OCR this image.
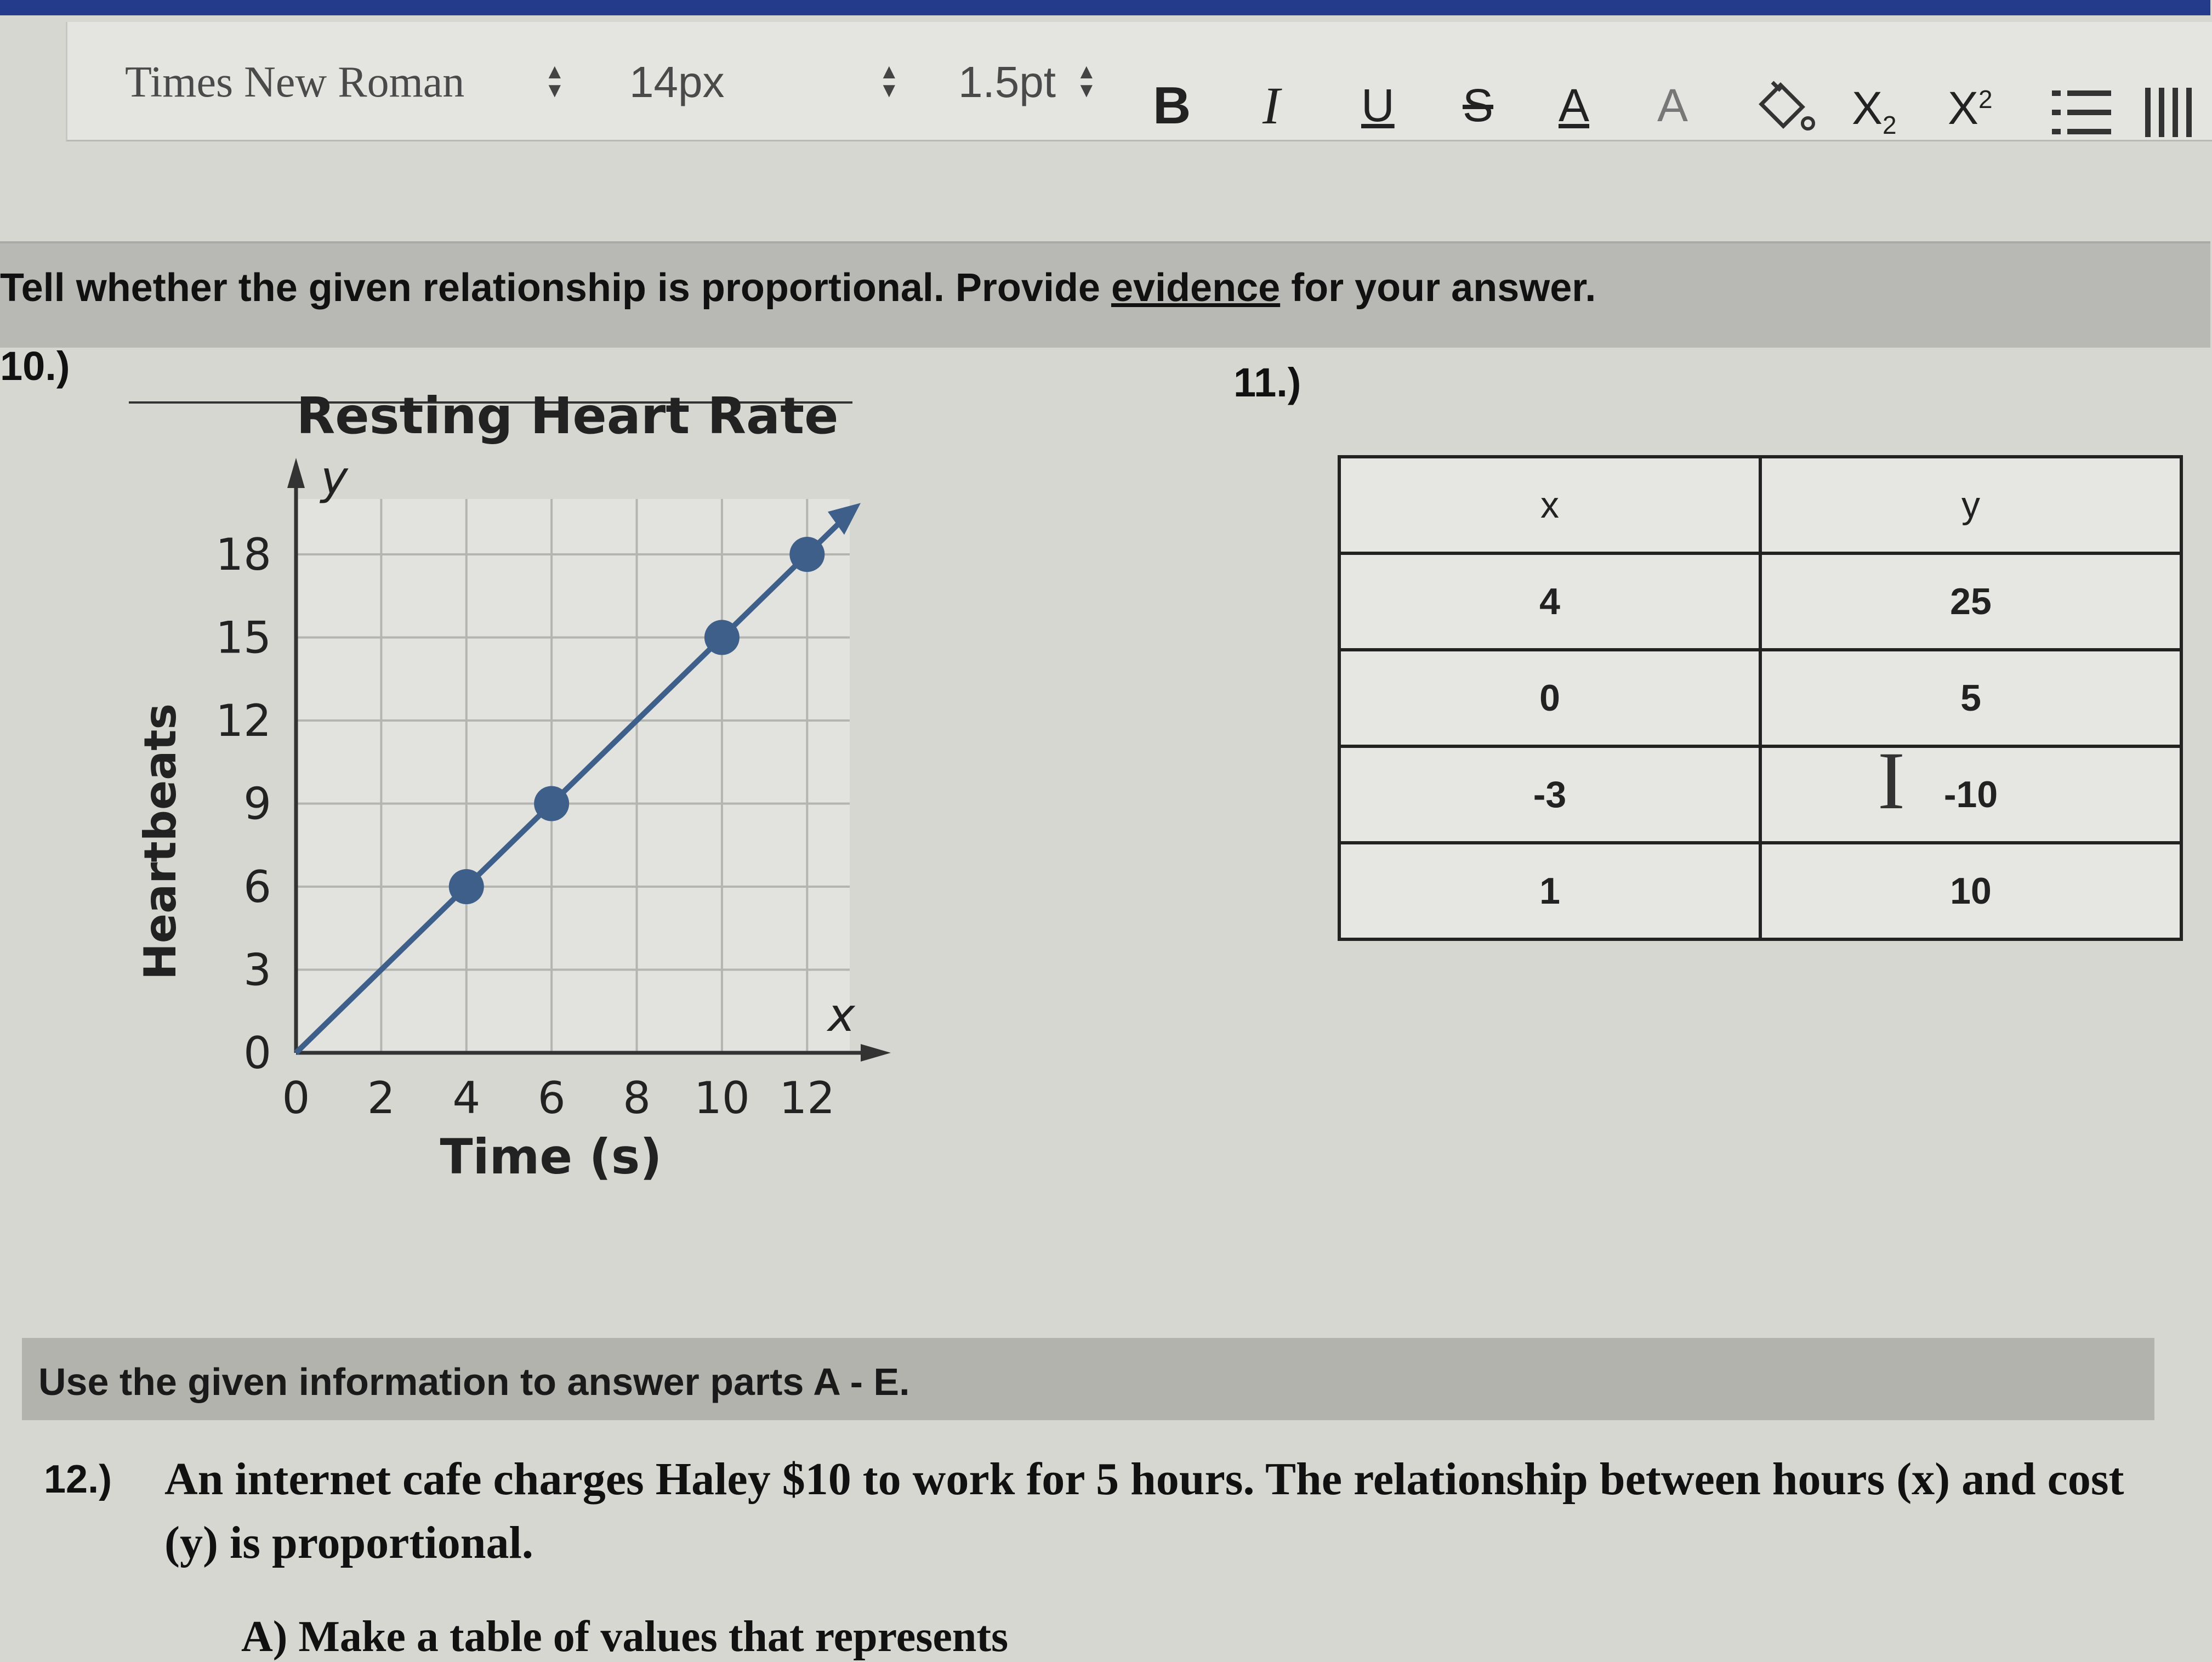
Times New Roman	▲
▼ 14px	▲
▼ 1.5pt ▲
▼ B I U S A A	$X_2$ $X^2$
Tell whether the given relationship is proportional. Provide evidence for your answer.
10.)
Resting Heart Rate
y
x
0 2 4 6 8 10 12
0
3
6
9
12
15
18
Time (s)
Heartbeats
11.)
x	y
4	25
0	5
-3	-10
1	10
I
Use the given information to answer parts A - E.
12.) An internet cafe charges Haley $10 to work for 5 hours. The relationship between hours (x) and cost (y) is proportional.
A) Make a table of values that represents
